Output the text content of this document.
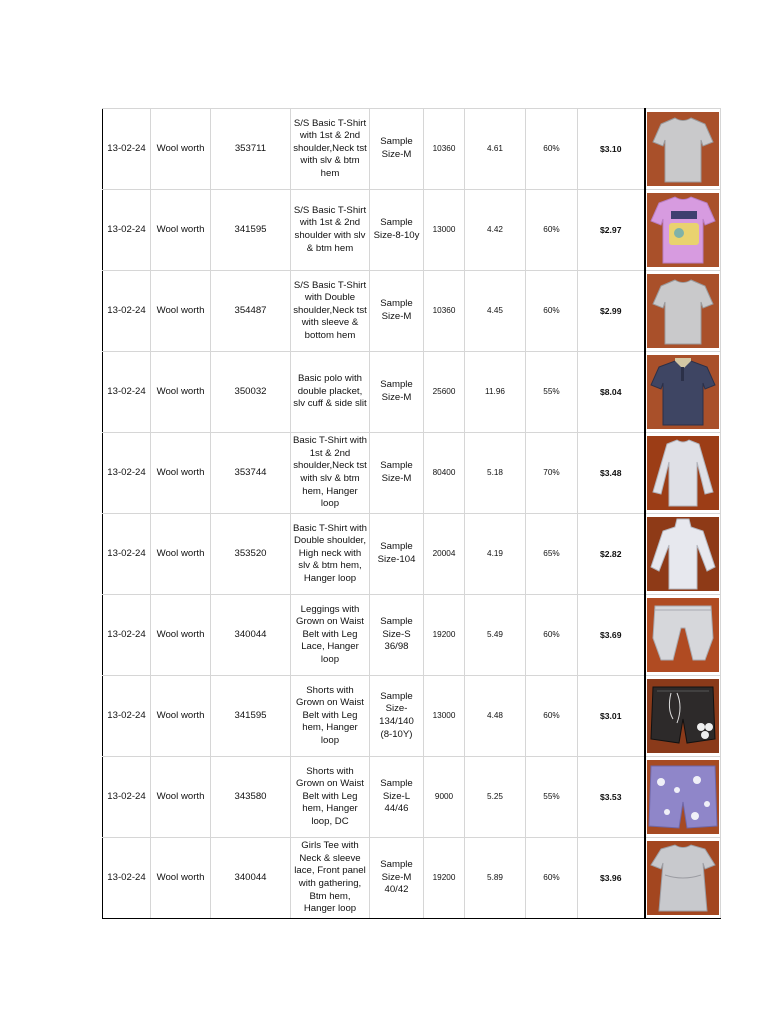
13-02-24	Wool worth	353711	S/S Basic T-Shirt with 1st & 2nd shoulder,Neck tst with slv & btm hem	Sample Size-M	10360	4.61	60%	$3.10	

13-02-24	Wool worth	341595	S/S Basic T-Shirt with 1st & 2nd shoulder with slv & btm hem	Sample Size-8-10y	13000	4.42	60%	$2.97	

13-02-24	Wool worth	354487	S/S Basic T-Shirt with Double shoulder,Neck tst with sleeve & bottom hem	Sample Size-M	10360	4.45	60%	$2.99	

13-02-24	Wool worth	350032	Basic polo with double placket, slv cuff & side slit	Sample Size-M	25600	11.96	55%	$8.04	

13-02-24	Wool worth	353744	Basic T-Shirt with 1st & 2nd shoulder,Neck tst with slv & btm hem, Hanger loop	Sample Size-M	80400	5.18	70%	$3.48	

13-02-24	Wool worth	353520	Basic T-Shirt with Double shoulder, High neck with slv & btm hem, Hanger loop	Sample Size-104	20004	4.19	65%	$2.82	

13-02-24	Wool worth	340044	Leggings with Grown on Waist Belt with Leg Lace, Hanger loop	Sample Size-S 36/98	19200	5.49	60%	$3.69	

13-02-24	Wool worth	341595	Shorts with Grown on Waist Belt with Leg hem, Hanger loop	Sample Size-134/140 (8-10Y)	13000	4.48	60%	$3.01	

13-02-24	Wool worth	343580	Shorts with Grown on Waist Belt with Leg hem, Hanger loop, DC	Sample Size-L 44/46	9000	5.25	55%	$3.53	

13-02-24	Wool worth	340044	Girls Tee with Neck & sleeve lace, Front panel with gathering, Btm hem, Hanger loop	Sample Size-M 40/42	19200	5.89	60%	$3.96	
